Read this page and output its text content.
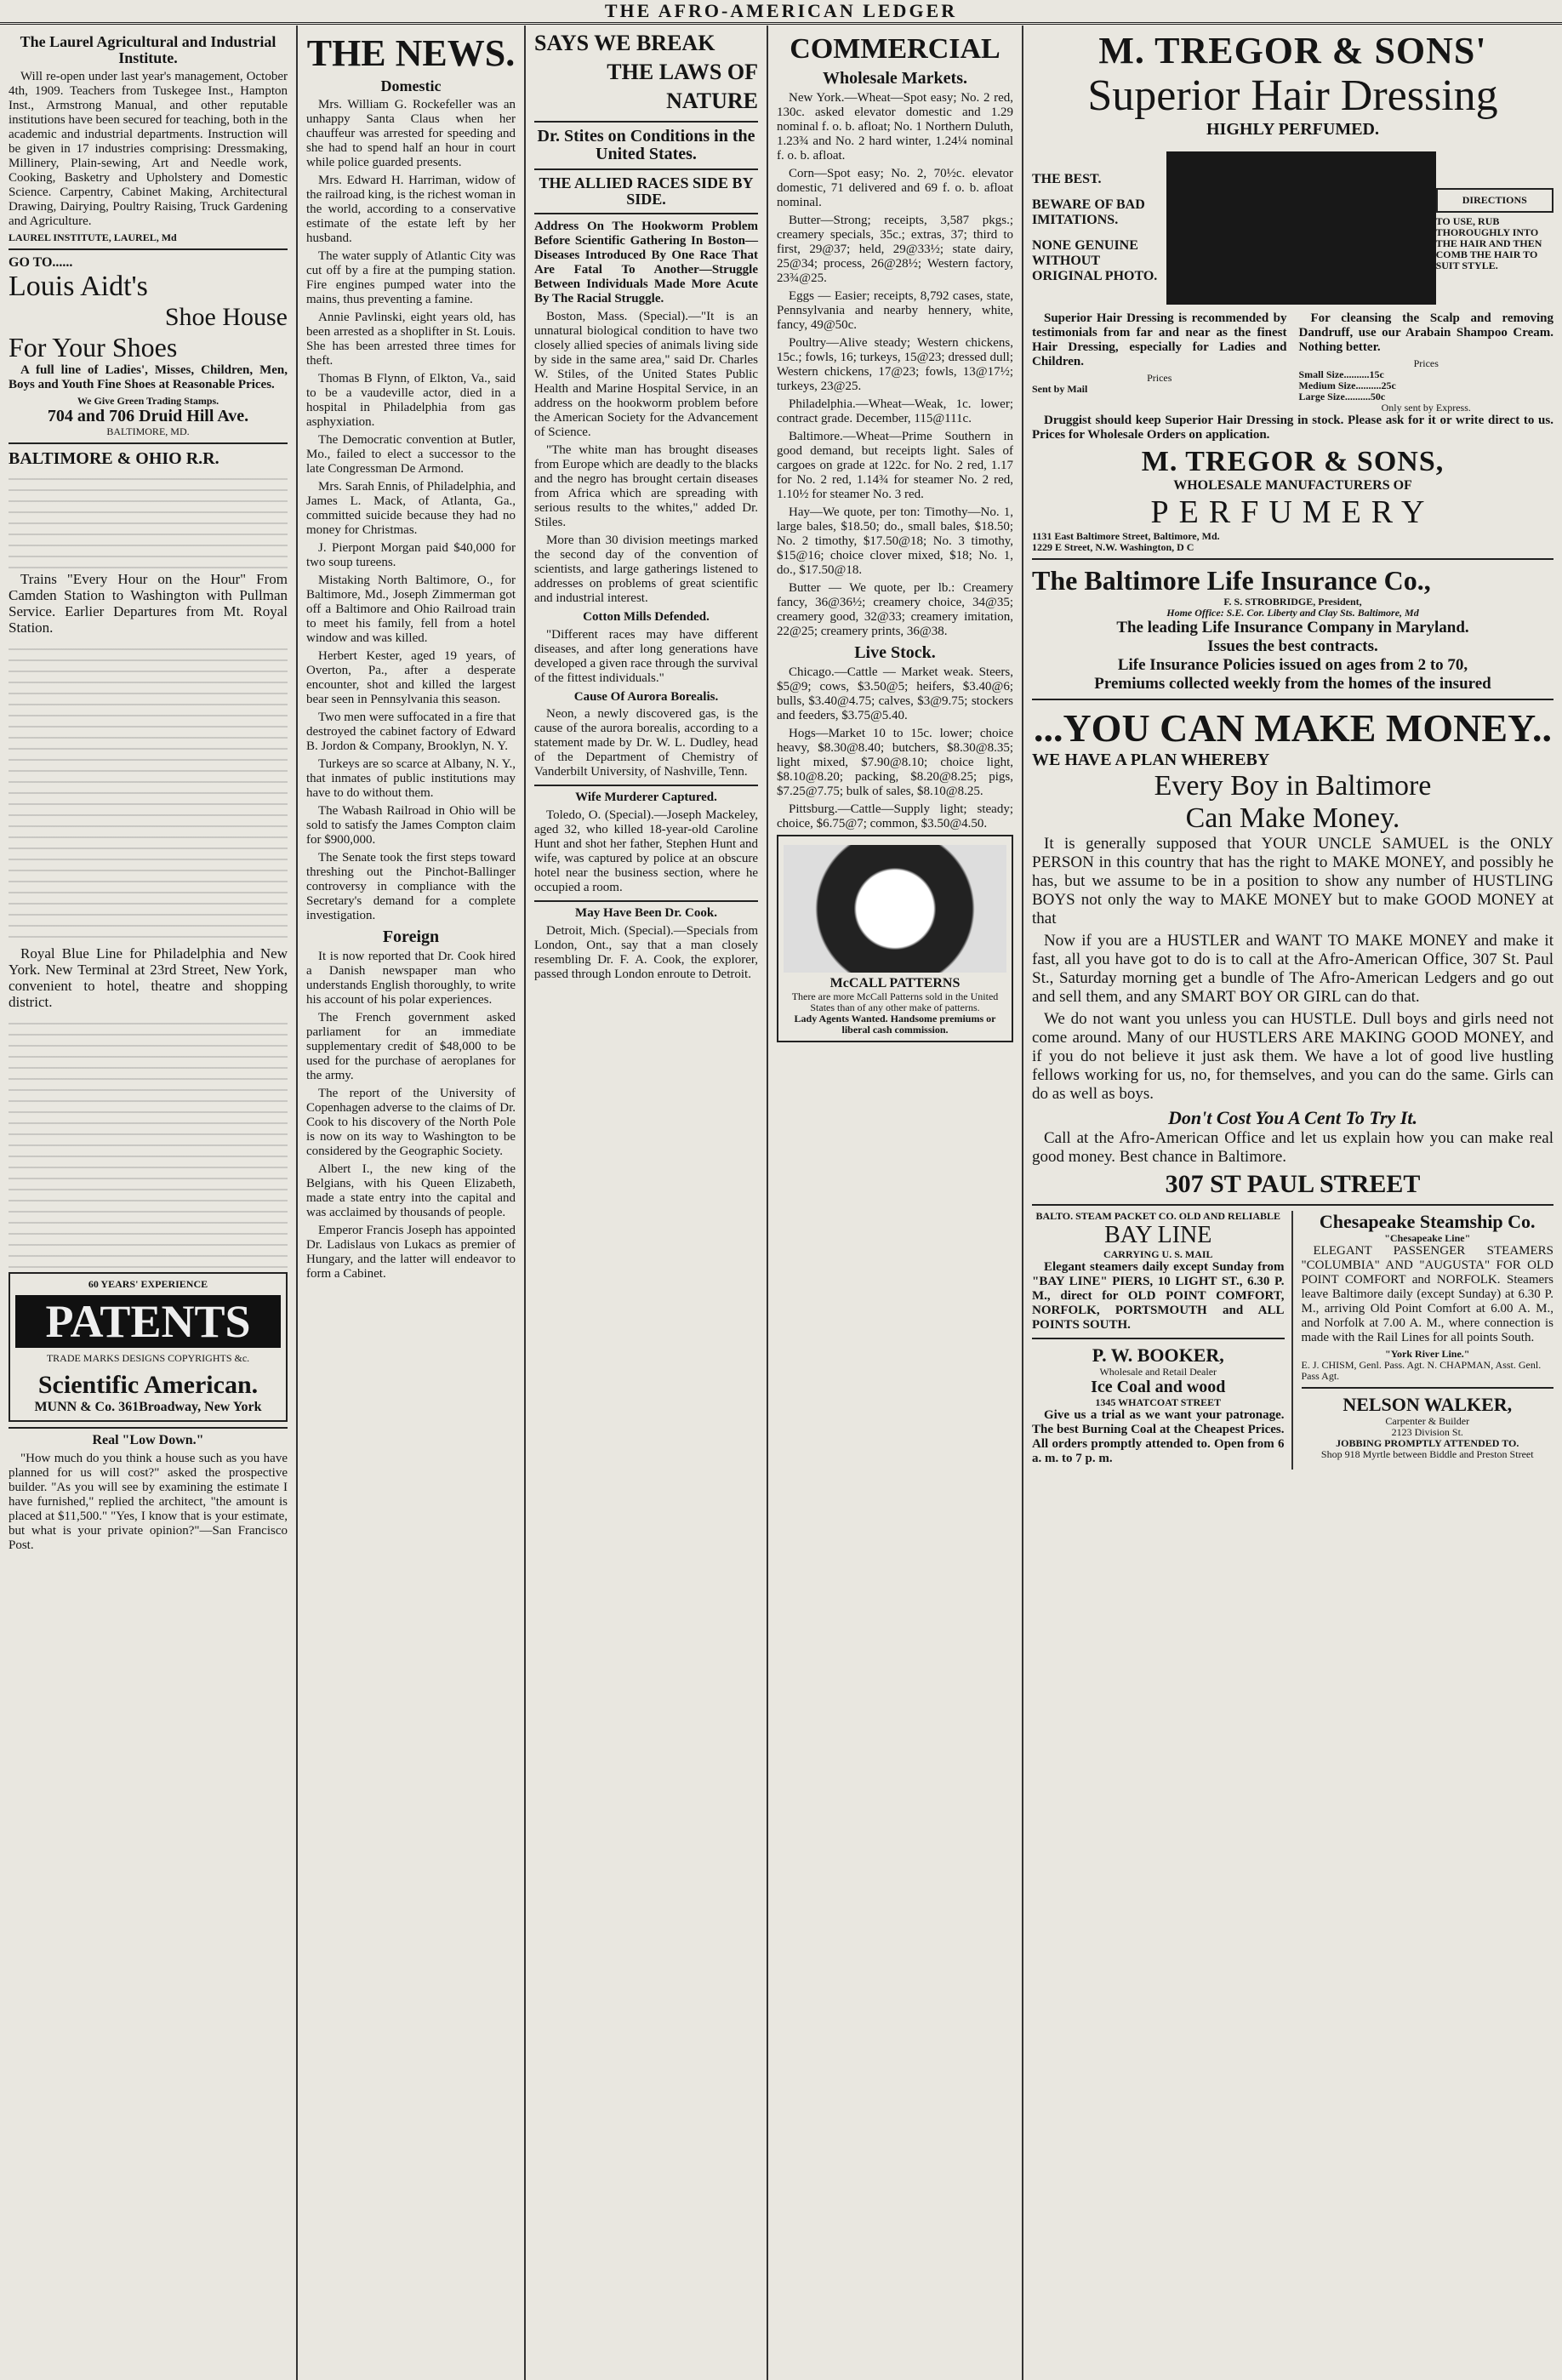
THE AFRO-AMERICAN LEDGER
The Laurel Agricultural and Industrial Institute.

Will re-open under last year's management, October 4th, 1909. Teachers from Tuskegee Inst., Hampton Inst., Armstrong Manual, and other reputable institutions have been secured for teaching, both in the academic and industrial departments. Instruction will be given in 17 industries comprising: Dressmaking, Millinery, Plain-sewing, Art and Needle work, Cooking, Basketry and Upholstery and Domestic Science. Carpentry, Cabinet Making, Architectural Drawing, Dairying, Poultry Raising, Truck Gardening and Agriculture.

LAUREL INSTITUTE, LAUREL, Md
GO TO......
Louis Aidt's
Shoe House
For Your Shoes

A full line of Ladies', Misses, Children, Men, Boys and Youth Fine Shoes at Reasonable Prices.

We Give Green Trading Stamps.
704 and 706 Druid Hill Ave.
BALTIMORE, MD.
BALTIMORE & OHIO R.R.

Trains "Every Hour on the Hour" From Camden Station to Washington with Pullman Service. Earlier Departures from Mt. Royal Station.

Royal Blue Line for Philadelphia and New York. New Terminal at 23rd Street, New York, convenient to hotel, theatre and shopping district.

60 YEARS' EXPERIENCE
PATENTS
TRADE MARKS DESIGNS COPYRIGHTS &c.
Scientific American.
MUNN & Co. 361Broadway, New York
Real "Low Down."

"How much do you think a house such as you have planned for us will cost?" asked the prospective builder. "As you will see by examining the estimate I have furnished," replied the architect, "the amount is placed at $11,500." "Yes, I know that is your estimate, but what is your private opinion?"—San Francisco Post.

THE NEWS.
Domestic

Mrs. William G. Rockefeller was an unhappy Santa Claus when her chauffeur was arrested for speeding and she had to spend half an hour in court while police guarded presents.

Mrs. Edward H. Harriman, widow of the railroad king, is the richest woman in the world, according to a conservative estimate of the estate left by her husband.

The water supply of Atlantic City was cut off by a fire at the pumping station. Fire engines pumped water into the mains, thus preventing a famine.

Annie Pavlinski, eight years old, has been arrested as a shoplifter in St. Louis. She has been arrested three times for theft.

Thomas B Flynn, of Elkton, Va., said to be a vaudeville actor, died in a hospital in Philadelphia from gas asphyxiation.

The Democratic convention at Butler, Mo., failed to elect a successor to the late Congressman De Armond.

Mrs. Sarah Ennis, of Philadelphia, and James L. Mack, of Atlanta, Ga., committed suicide because they had no money for Christmas.

J. Pierpont Morgan paid $40,000 for two soup tureens.

Mistaking North Baltimore, O., for Baltimore, Md., Joseph Zimmerman got off a Baltimore and Ohio Railroad train to meet his family, fell from a hotel window and was killed.

Herbert Kester, aged 19 years, of Overton, Pa., after a desperate encounter, shot and killed the largest bear seen in Pennsylvania this season.

Two men were suffocated in a fire that destroyed the cabinet factory of Edward B. Jordon & Company, Brooklyn, N. Y.

Turkeys are so scarce at Albany, N. Y., that inmates of public institutions may have to do without them.

The Wabash Railroad in Ohio will be sold to satisfy the James Compton claim for $900,000.

The Senate took the first steps toward threshing out the Pinchot-Ballinger controversy in compliance with the Secretary's demand for a complete investigation.

Foreign

It is now reported that Dr. Cook hired a Danish newspaper man who understands English thoroughly, to write his account of his polar experiences.

The French government asked parliament for an immediate supplementary credit of $48,000 to be used for the purchase of aeroplanes for the army.

The report of the University of Copenhagen adverse to the claims of Dr. Cook to his discovery of the North Pole is now on its way to Washington to be considered by the Geographic Society.

Albert I., the new king of the Belgians, with his Queen Elizabeth, made a state entry into the capital and was acclaimed by thousands of people.

Emperor Francis Joseph has appointed Dr. Ladislaus von Lukacs as premier of Hungary, and the latter will endeavor to form a Cabinet.

SAYS WE BREAK
THE LAWS OF NATURE
Dr. Stites on Conditions in the United States.
THE ALLIED RACES SIDE BY SIDE.

Address On The Hookworm Problem Before Scientific Gathering In Boston—Diseases Introduced By One Race That Are Fatal To Another—Struggle Between Individuals Made More Acute By The Racial Struggle.

Boston, Mass. (Special).—"It is an unnatural biological condition to have two closely allied species of animals living side by side in the same area," said Dr. Charles W. Stiles, of the United States Public Health and Marine Hospital Service, in an address on the hookworm problem before the American Society for the Advancement of Science.

"The white man has brought diseases from Europe which are deadly to the blacks and the negro has brought certain diseases from Africa which are spreading with serious results to the whites," added Dr. Stiles.

More than 30 division meetings marked the second day of the convention of scientists, and large gatherings listened to addresses on problems of great scientific and industrial interest.

Cotton Mills Defended.

"Different races may have different diseases, and after long generations have developed a given race through the survival of the fittest individuals."

Cause Of Aurora Borealis.

Neon, a newly discovered gas, is the cause of the aurora borealis, according to a statement made by Dr. W. L. Dudley, head of the Department of Chemistry of Vanderbilt University, of Nashville, Tenn.

Wife Murderer Captured.

Toledo, O. (Special).—Joseph Mackeley, aged 32, who killed 18-year-old Caroline Hunt and shot her father, Stephen Hunt and wife, was captured by police at an obscure hotel near the business section, where he occupied a room.

May Have Been Dr. Cook.

Detroit, Mich. (Special).—Specials from London, Ont., say that a man closely resembling Dr. F. A. Cook, the explorer, passed through London enroute to Detroit.

COMMERCIAL
Wholesale Markets.

New York.—Wheat—Spot easy; No. 2 red, 130c. asked elevator domestic and 1.29 nominal f. o. b. afloat; No. 1 Northern Duluth, 1.23¾ and No. 2 hard winter, 1.24¼ nominal f. o. b. afloat.

Corn—Spot easy; No. 2, 70½c. elevator domestic, 71 delivered and 69 f. o. b. afloat nominal.

Butter—Strong; receipts, 3,587 pkgs.; creamery specials, 35c.; extras, 37; third to first, 29@37; held, 29@33½; state dairy, 25@34; process, 26@28½; Western factory, 23¾@25.

Eggs — Easier; receipts, 8,792 cases, state, Pennsylvania and nearby hennery, white, fancy, 49@50c.

Poultry—Alive steady; Western chickens, 15c.; fowls, 16; turkeys, 15@23; dressed dull; Western chickens, 17@23; fowls, 13@17½; turkeys, 23@25.

Philadelphia.—Wheat—Weak, 1c. lower; contract grade. December, 115@111c.

Baltimore.—Wheat—Prime Southern in good demand, but receipts light. Sales of cargoes on grade at 122c. for No. 2 red, 1.17 for No. 2 red, 1.14¾ for steamer No. 2 red, 1.10½ for steamer No. 3 red.

Hay—We quote, per ton: Timothy—No. 1, large bales, $18.50; do., small bales, $18.50; No. 2 timothy, $17.50@18; No. 3 timothy, $15@16; choice clover mixed, $18; No. 1, do., $17.50@18.

Butter — We quote, per lb.: Creamery fancy, 36@36½; creamery choice, 34@35; creamery good, 32@33; creamery imitation, 22@25; creamery prints, 36@38.

Live Stock.

Chicago.—Cattle — Market weak. Steers, $5@9; cows, $3.50@5; heifers, $3.40@6; bulls, $3.40@4.75; calves, $3@9.75; stockers and feeders, $3.75@5.40.

Hogs—Market 10 to 15c. lower; choice heavy, $8.30@8.40; butchers, $8.30@8.35; light mixed, $7.90@8.10; choice light, $8.10@8.20; packing, $8.20@8.25; pigs, $7.25@7.75; bulk of sales, $8.10@8.25.

Pittsburg.—Cattle—Supply light; steady; choice, $6.75@7; common, $3.50@4.50.

McCALL PATTERNS
There are more McCall Patterns sold in the United States than of any other make of patterns.
Lady Agents Wanted. Handsome premiums or liberal cash commission.
M. TREGOR & SONS'
Superior Hair Dressing
HIGHLY PERFUMED.
THE BEST.
BEWARE OF BAD IMITATIONS.
NONE GENUINE WITHOUT ORIGINAL PHOTO.
DIRECTIONS
TO USE, RUB THOROUGHLY INTO THE HAIR AND THEN COMB THE HAIR TO SUIT STYLE.

Superior Hair Dressing is recommended by testimonials from far and near as the finest Hair Dressing, especially for Ladies and Children.

Prices
Sent by Mail

For cleansing the Scalp and removing Dandruff, use our Arabain Shampoo Cream. Nothing better.

Prices
Small Size..........15c
Medium Size..........25c
Large Size..........50c
Only sent by Express.

Druggist should keep Superior Hair Dressing in stock. Please ask for it or write direct to us. Prices for Wholesale Orders on application.

M. TREGOR & SONS,
WHOLESALE MANUFACTURERS OF
PERFUMERY
1131 East Baltimore Street, Baltimore, Md.
1229 E Street, N.W. Washington, D C
The Baltimore Life Insurance Co.,
F. S. STROBRIDGE, President,
Home Office: S.E. Cor. Liberty and Clay Sts. Baltimore, Md
The leading Life Insurance Company in Maryland.
Issues the best contracts.
Life Insurance Policies issued on ages from 2 to 70,
Premiums collected weekly from the homes of the insured
...YOU CAN MAKE MONEY..
WE HAVE A PLAN WHEREBY
Every Boy in Baltimore
Can Make Money.

It is generally supposed that YOUR UNCLE SAMUEL is the ONLY PERSON in this country that has the right to MAKE MONEY, and possibly he has, but we assume to be in a position to show any number of HUSTLING BOYS not only the way to MAKE MONEY but to make GOOD MONEY at that

Now if you are a HUSTLER and WANT TO MAKE MONEY and make it fast, all you have got to do is to call at the Afro-American Office, 307 St. Paul St., Saturday morning get a bundle of The Afro-American Ledgers and go out and sell them, and any SMART BOY OR GIRL can do that.

We do not want you unless you can HUSTLE. Dull boys and girls need not come around. Many of our HUSTLERS ARE MAKING GOOD MONEY, and if you do not believe it just ask them. We have a lot of good live hustling fellows working for us, no, for themselves, and you can do the same. Girls can do as well as boys.

Don't Cost You A Cent To Try It.

Call at the Afro-American Office and let us explain how you can make real good money. Best chance in Baltimore.

307 ST PAUL STREET
BALTO. STEAM PACKET CO. OLD AND RELIABLE
BAY LINE
CARRYING U. S. MAIL

Elegant steamers daily except Sunday from "BAY LINE" PIERS, 10 LIGHT ST., 6.30 P. M., direct for OLD POINT COMFORT, NORFOLK, PORTSMOUTH and ALL POINTS SOUTH.

P. W. BOOKER,
Wholesale and Retail Dealer
Ice Coal and wood
1345 WHATCOAT STREET

Give us a trial as we want your patronage. The best Burning Coal at the Cheapest Prices. All orders promptly attended to. Open from 6 a. m. to 7 p. m.

Chesapeake Steamship Co.
"Chesapeake Line"

ELEGANT PASSENGER STEAMERS "COLUMBIA" AND "AUGUSTA" FOR OLD POINT COMFORT and NORFOLK. Steamers leave Baltimore daily (except Sunday) at 6.30 P. M., arriving Old Point Comfort at 6.00 A. M., and Norfolk at 7.00 A. M., where connection is made with the Rail Lines for all points South.

"York River Line."
E. J. CHISM, Genl. Pass. Agt. N. CHAPMAN, Asst. Genl. Pass Agt.
NELSON WALKER,
Carpenter & Builder
2123 Division St.
JOBBING PROMPTLY ATTENDED TO.
Shop 918 Myrtle between Biddle and Preston Street
